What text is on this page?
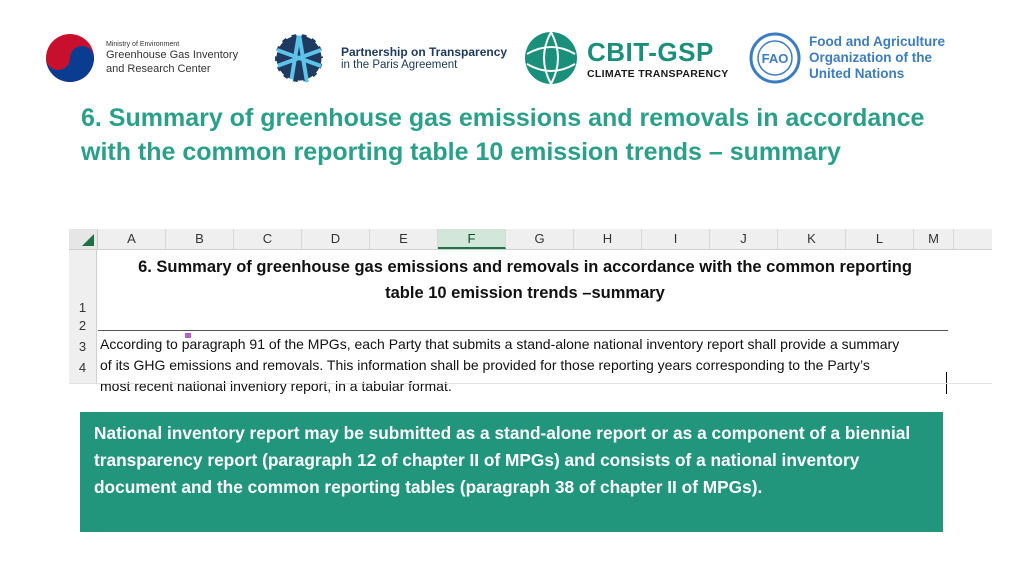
Ministry of Environment
Greenhouse Gas Inventory
and Research Center
Partnership on Transparency
in the Paris Agreement	CBIT-GSP
CLIMATE TRANSPARENCY
FAO
Food and Agriculture
Organization of the
United Nations
6. Summary of greenhouse gas emissions and removals in accordance with the common reporting table 10 emission trends – summary
A	B	C	D	E	F	G	H	I	J	K	L	M
1
2
3
4
6. Summary of greenhouse gas emissions and removals in accordance with the common reporting
table 10 emission trends –summary
According to paragraph 91 of the MPGs, each Party that submits a stand-alone national inventory report shall provide a summary
of its GHG emissions and removals. This information shall be provided for those reporting years corresponding to the Party’s
most recent national inventory report, in a tabular format.
National inventory report may be submitted as a stand-alone report or as a component of a biennial transparency report (paragraph 12 of chapter II of MPGs) and consists of a national inventory document and the common reporting tables (paragraph 38 of chapter II of MPGs).
